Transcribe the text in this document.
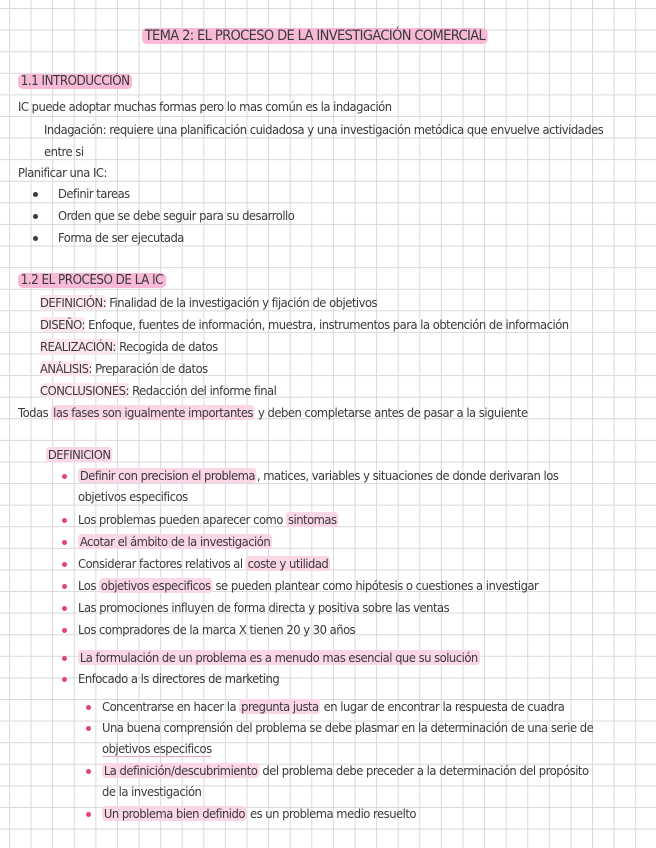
TEMA 2: EL PROCESO DE LA INVESTIGACIÓN COMERCIAL
1.1 INTRODUCCIÓN
IC puede adoptar muchas formas pero lo mas común es la indagación
Indagación: requiere una planificación cuidadosa y una investigación metódica que envuelve actividades
entre si
Planificar una IC:
Definir tareas
Orden que se debe seguir para su desarrollo
Forma de ser ejecutada
1.2 EL PROCESO DE LA IC
DEFINICIÓN: Finalidad de la investigación y fijación de objetivos
DISEÑO: Enfoque, fuentes de información, muestra, instrumentos para la obtención de información
REALIZACIÓN: Recogida de datos
ANÁLISIS: Preparación de datos
CONCLUSIONES: Redacción del informe final
Todas las fases son igualmente importantes y deben completarse antes de pasar a la siguiente
DEFINICION
Definir con precision el problema , matices, variables y situaciones de donde derivaran los
objetivos especificos
Los problemas pueden aparecer como sintomas
Acotar el ámbito de la investigación
Considerar factores relativos al coste y utilidad
Los objetivos especificos se pueden plantear como hipótesis o cuestiones a investigar
Las promociones influyen de forma directa y positiva sobre las ventas
Los compradores de la marca X tienen 20 y 30 años
La formulación de un problema es a menudo mas esencial que su solución
Enfocado a ls directores de marketing
Concentrarse en hacer la pregunta justa en lugar de encontrar la respuesta de cuadra
Una buena comprensión del problema se debe plasmar en la determinación de una serie de
objetivos especificos
La definición/descubrimiento del problema debe preceder a la determinación del propósito
de la investigación
Un problema bien definido es un problema medio resuelto
